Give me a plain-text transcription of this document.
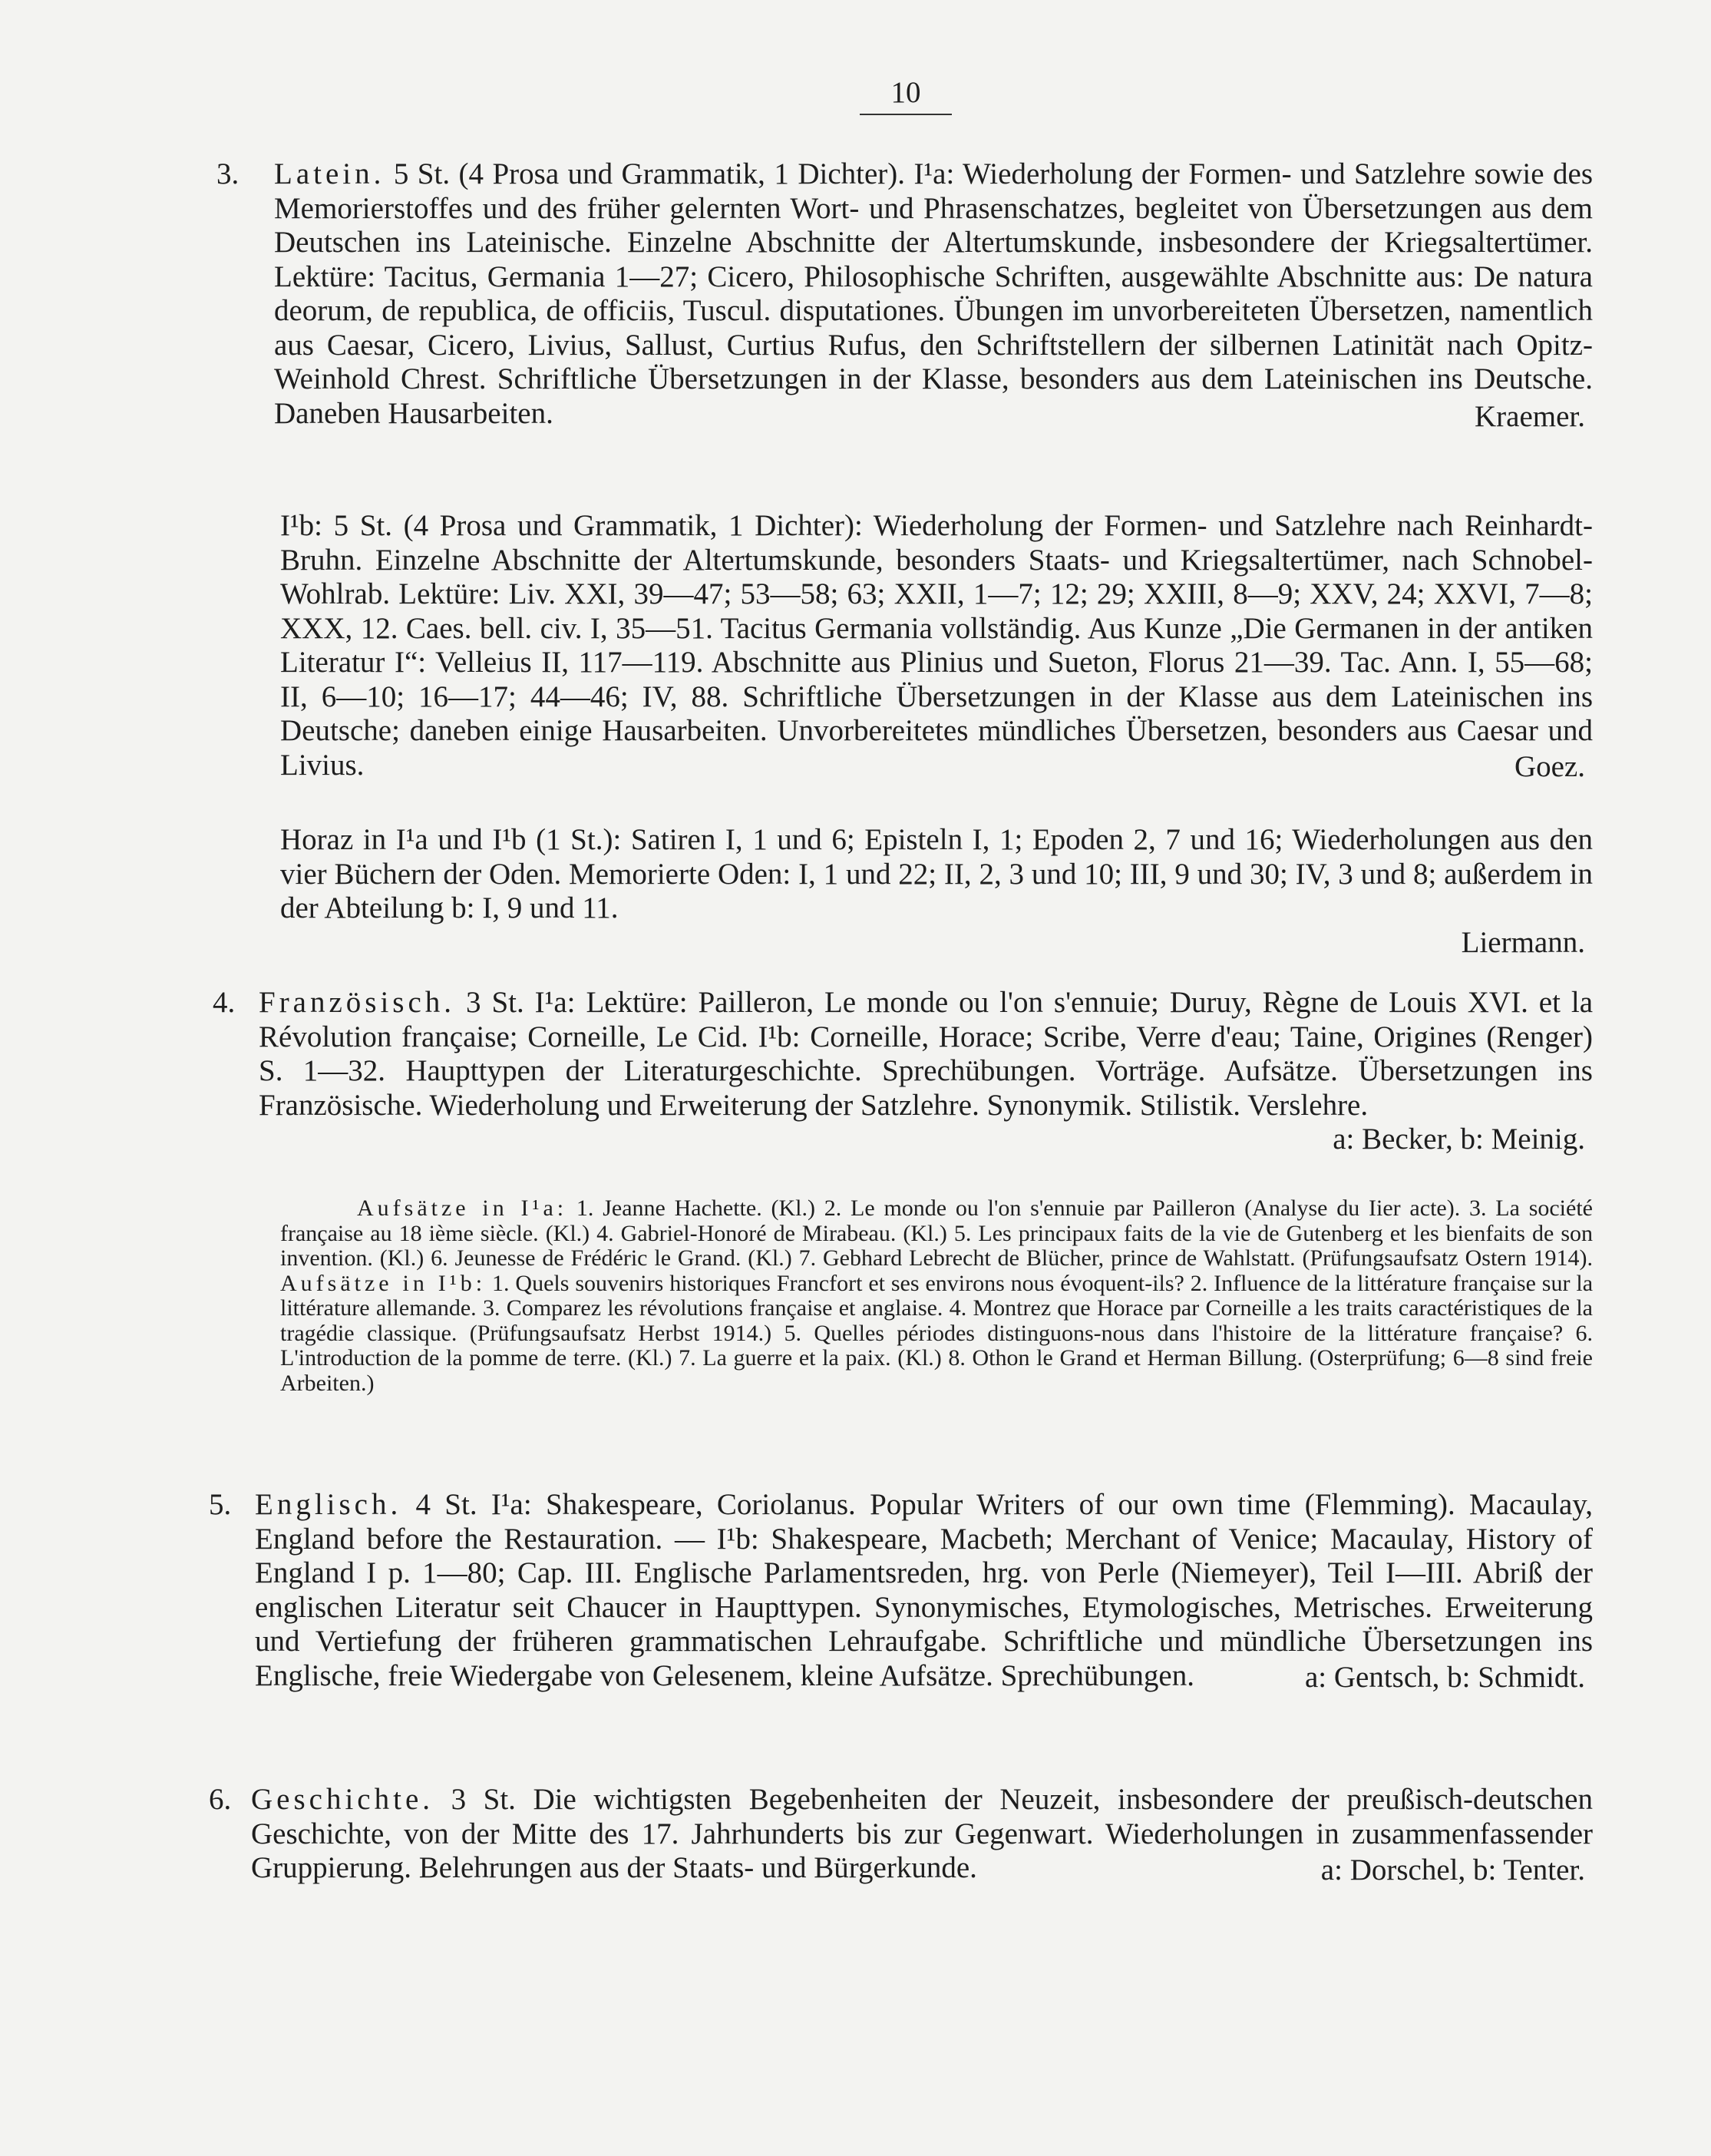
10
3. Latein. 5 St. (4 Prosa und Grammatik, 1 Dichter). I¹a: Wiederholung der Formen- und Satzlehre sowie des Memorierstoffes und des früher gelernten Wort- und Phrasenschatzes, begleitet von Übersetzungen aus dem Deutschen ins Lateinische. Einzelne Abschnitte der Altertumskunde, insbesondere der Kriegsaltertümer. Lektüre: Tacitus, Germania 1—27; Cicero, Philosophische Schriften, ausgewählte Abschnitte aus: De natura deorum, de republica, de officiis, Tuscul. disputationes. Übungen im unvorbereiteten Übersetzen, namentlich aus Caesar, Cicero, Livius, Sallust, Curtius Rufus, den Schriftstellern der silbernen Latinität nach Opitz-Weinhold Chrest. Schriftliche Übersetzungen in der Klasse, besonders aus dem Lateinischen ins Deutsche. Daneben Hausarbeiten.	Kraemer.

I¹b: 5 St. (4 Prosa und Grammatik, 1 Dichter): Wiederholung der Formen- und Satzlehre nach Reinhardt-Bruhn. Einzelne Abschnitte der Altertumskunde, besonders Staats- und Kriegsaltertümer, nach Schnobel-Wohlrab. Lektüre: Liv. XXI, 39—47; 53—58; 63; XXII, 1—7; 12; 29; XXIII, 8—9; XXV, 24; XXVI, 7—8; XXX, 12. Caes. bell. civ. I, 35—51. Tacitus Germania vollständig. Aus Kunze „Die Germanen in der antiken Literatur I“: Velleius II, 117—119. Abschnitte aus Plinius und Sueton, Florus 21—39. Tac. Ann. I, 55—68; II, 6—10; 16—17; 44—46; IV, 88. Schriftliche Übersetzungen in der Klasse aus dem Lateinischen ins Deutsche; daneben einige Hausarbeiten. Unvorbereitetes mündliches Übersetzen, besonders aus Caesar und Livius.	Goez.

Horaz in I¹a und I¹b (1 St.): Satiren I, 1 und 6; Episteln I, 1; Epoden 2, 7 und 16; Wiederholungen aus den vier Büchern der Oden. Memorierte Oden: I, 1 und 22; II, 2, 3 und 10; III, 9 und 30; IV, 3 und 8; außerdem in der Abteilung b: I, 9 und 11.
Liermann.

4. Französisch. 3 St. I¹a: Lektüre: Pailleron, Le monde ou l'on s'ennuie; Duruy, Règne de Louis XVI. et la Révolution française; Corneille, Le Cid. I¹b: Corneille, Horace; Scribe, Verre d'eau; Taine, Origines (Renger) S. 1—32. Haupttypen der Literaturgeschichte. Sprechübungen. Vorträge. Aufsätze. Übersetzungen ins Französische. Wiederholung und Erweiterung der Satzlehre. Synonymik. Stilistik. Verslehre.
a: Becker, b: Meinig.

Aufsätze in I¹a: 1. Jeanne Hachette. (Kl.) 2. Le monde ou l'on s'ennuie par Pailleron (Analyse du Iier acte). 3. La société française au 18 ième siècle. (Kl.) 4. Gabriel-Honoré de Mirabeau. (Kl.) 5. Les principaux faits de la vie de Gutenberg et les bienfaits de son invention. (Kl.) 6. Jeunesse de Frédéric le Grand. (Kl.) 7. Gebhard Lebrecht de Blücher, prince de Wahlstatt. (Prüfungsaufsatz Ostern 1914). Aufsätze in I¹b: 1. Quels souvenirs historiques Francfort et ses environs nous évoquent-ils? 2. Influence de la littérature française sur la littérature allemande. 3. Comparez les révolutions française et anglaise. 4. Montrez que Horace par Corneille a les traits caractéristiques de la tragédie classique. (Prüfungsaufsatz Herbst 1914.) 5. Quelles périodes distinguons-nous dans l'histoire de la littérature française? 6. L'introduction de la pomme de terre. (Kl.) 7. La guerre et la paix. (Kl.) 8. Othon le Grand et Herman Billung. (Osterprüfung; 6—8 sind freie Arbeiten.)

5. Englisch. 4 St. I¹a: Shakespeare, Coriolanus. Popular Writers of our own time (Flemming). Macaulay, England before the Restauration. — I¹b: Shakespeare, Macbeth; Merchant of Venice; Macaulay, History of England I p. 1—80; Cap. III. Englische Parlamentsreden, hrg. von Perle (Niemeyer), Teil I—III. Abriß der englischen Literatur seit Chaucer in Haupttypen. Synonymisches, Etymologisches, Metrisches. Erweiterung und Vertiefung der früheren grammatischen Lehraufgabe. Schriftliche und mündliche Übersetzungen ins Englische, freie Wiedergabe von Gelesenem, kleine Aufsätze. Sprechübungen.	a: Gentsch, b: Schmidt.

6. Geschichte. 3 St. Die wichtigsten Begebenheiten der Neuzeit, insbesondere der preußisch-deutschen Geschichte, von der Mitte des 17. Jahrhunderts bis zur Gegenwart. Wiederholungen in zusammenfassender Gruppierung. Belehrungen aus der Staats- und Bürgerkunde.	a: Dorschel, b: Tenter.
